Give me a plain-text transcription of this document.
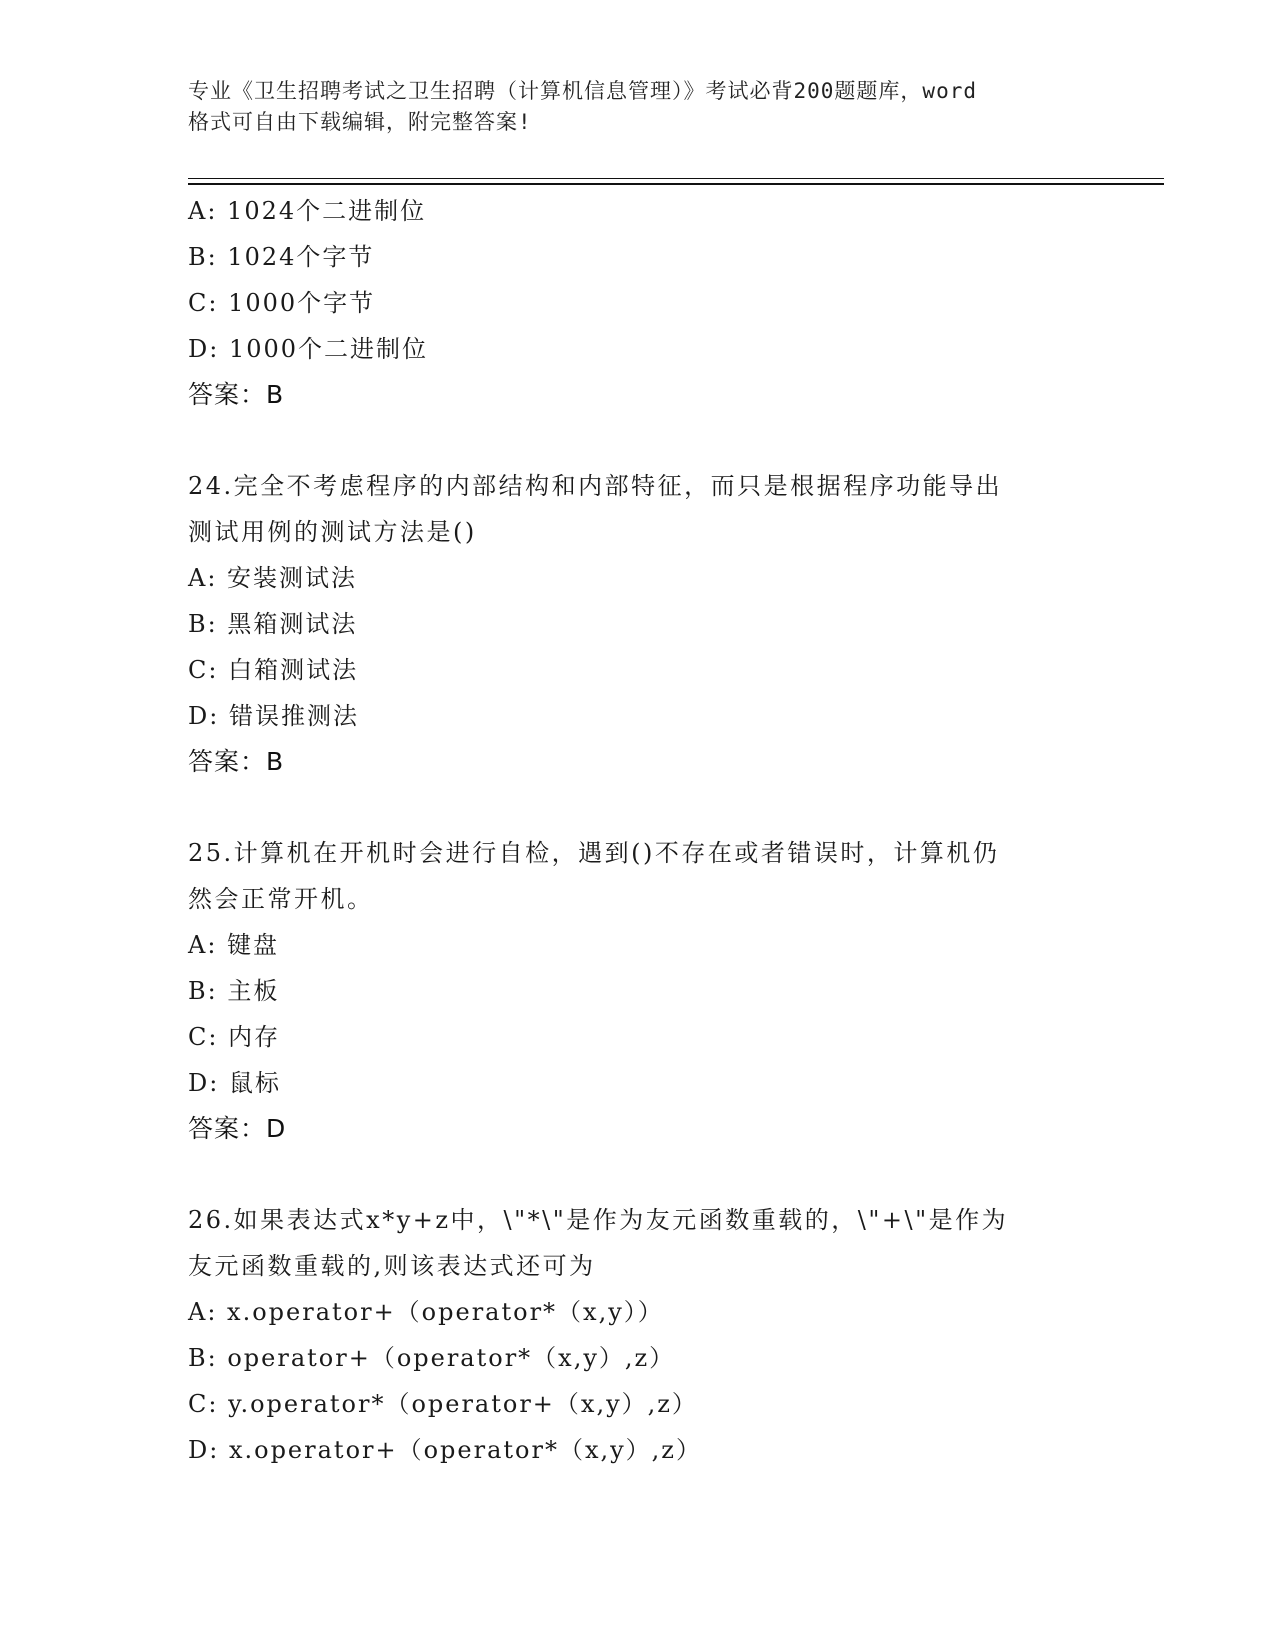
专业《卫生招聘考试之卫生招聘（计算机信息管理）》考试必背200题题库，word
格式可自由下载编辑，附完整答案!
A: 1024个二进制位
B: 1024个字节
C: 1000个字节
D: 1000个二进制位
答案：B
24.完全不考虑程序的内部结构和内部特征，而只是根据程序功能导出
测试用例的测试方法是()
A: 安装测试法
B: 黑箱测试法
C: 白箱测试法
D: 错误推测法
答案：B
25.计算机在开机时会进行自检，遇到()不存在或者错误时，计算机仍
然会正常开机。
A: 键盘
B: 主板
C: 内存
D: 鼠标
答案：D
26.如果表达式x*y+z中，\"*\"是作为友元函数重载的，\"+\"是作为
友元函数重载的,则该表达式还可为
A: x.operator+（operator*（x,y））
B: operator+（operator*（x,y）,z）
C: y.operator*（operator+（x,y）,z）
D: x.operator+（operator*（x,y）,z）
